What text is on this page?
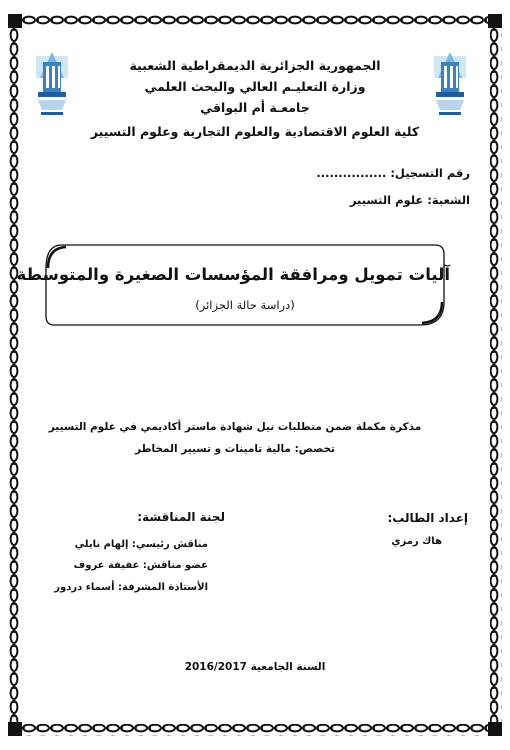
الجمهورية الجزائرية الديمقراطية الشعبية
وزارة التعليـم العالي والبحث العلمي
جامعـة أم البواقي
كلية العلوم الاقتصادية والعلوم التجارية وعلوم التسيير
رقم التسجيل: ................
الشعبة: علوم التسيير
آليات تمويل ومرافقة المؤسسات الصغيرة والمتوسطة
(دراسة حالة الجزائر)
مذكرة مكملة ضمن متطلبات نيل شهادة ماستر أكاديمي في علوم التسيير
تخصص: مالية تامينات و تسيير المخاطر
إعداد الطالب:
هاك رمزي
لجنة المناقشة:
مناقش رئيسي: إلهام نايلي
عضو مناقش: عفيفة عروف
الأستاذة المشرفة: أسماء دردور
السنة الجامعية 2016/2017
